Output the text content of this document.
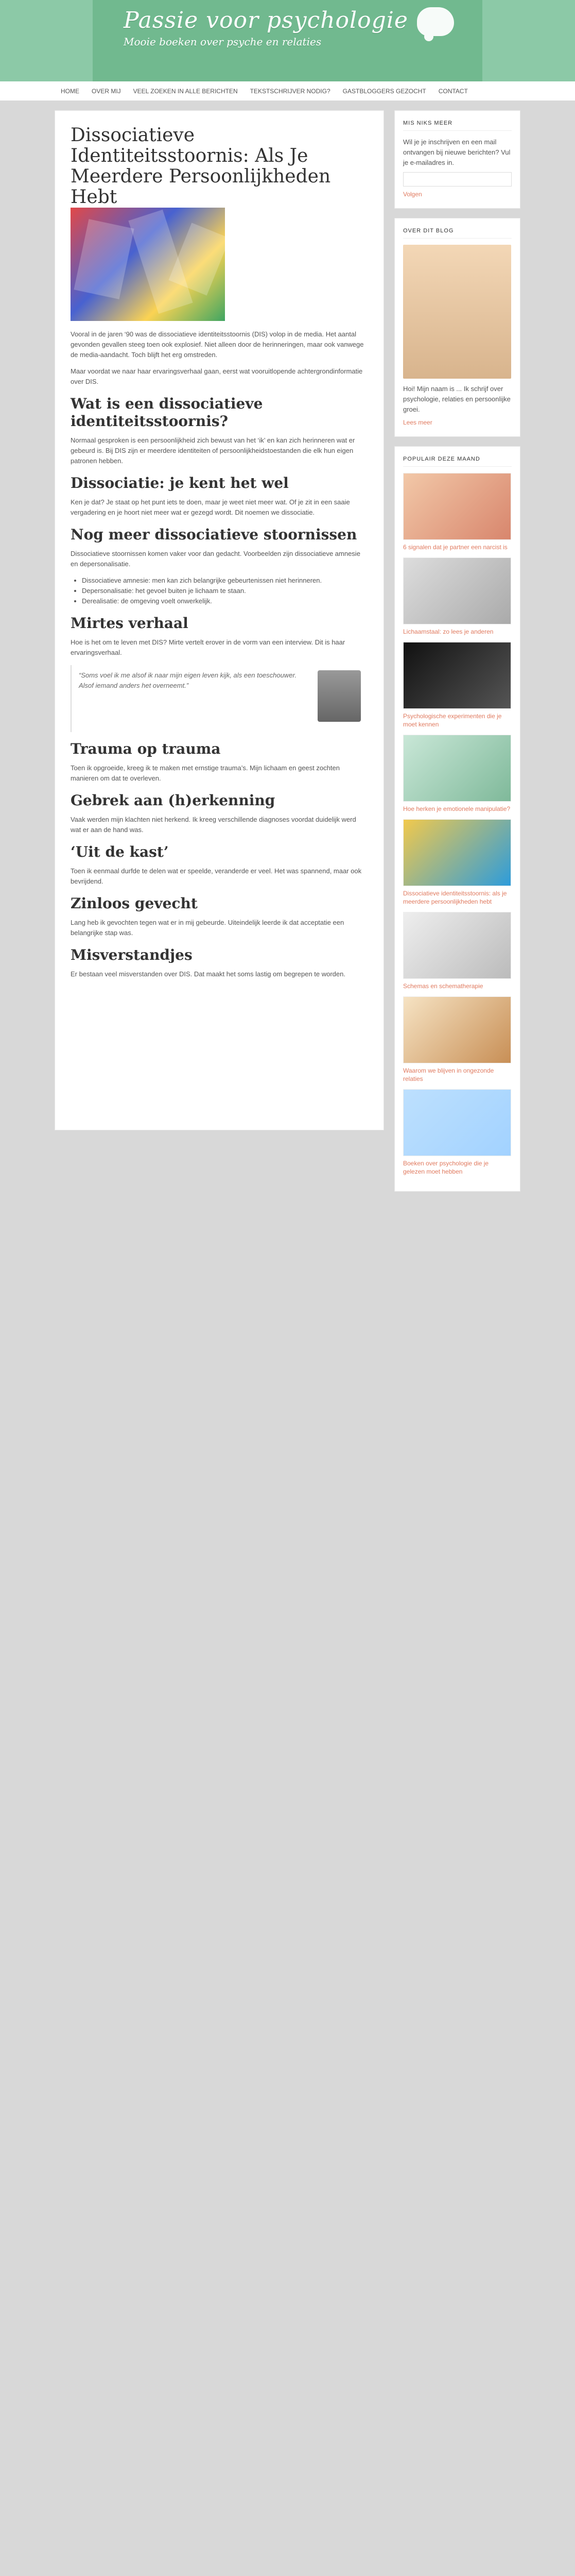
Passie voor psychologie
Mooie boeken over psyche en relaties
HOME	OVER MIJ	VEEL ZOEKEN IN ALLE BERICHTEN	TEKSTSCHRIJVER NODIG?	GASTBLOGGERS GEZOCHT	CONTACT
Dissociatieve Identiteitsstoornis: Als Je Meerdere Persoonlijkheden Hebt

Vooral in de jaren ‘90 was de dissociatieve identiteitsstoornis (DIS) volop in de media. Het aantal gevonden gevallen steeg toen ook explosief. Niet alleen door de herinneringen, maar ook vanwege de media-aandacht. Toch blijft het erg omstreden.

Maar voordat we naar haar ervaringsverhaal gaan, eerst wat vooruitlopende achtergrondinformatie over DIS.

Wat is een dissociatieve identiteitsstoornis?

Normaal gesproken is een persoonlijkheid zich bewust van het ‘ik’ en kan zich herinneren wat er gebeurd is. Bij DIS zijn er meerdere identiteiten of persoonlijkheidstoestanden die elk hun eigen patronen hebben.

Dissociatie: je kent het wel

Ken je dat? Je staat op het punt iets te doen, maar je weet niet meer wat. Of je zit in een saaie vergadering en je hoort niet meer wat er gezegd wordt. Dit noemen we dissociatie.

Nog meer dissociatieve stoornissen

Dissociatieve stoornissen komen vaker voor dan gedacht. Voorbeelden zijn dissociatieve amnesie en depersonalisatie.

• Dissociatieve amnesie: men kan zich belangrijke gebeurtenissen niet herinneren.
• Depersonalisatie: het gevoel buiten je lichaam te staan.
• Derealisatie: de omgeving voelt onwerkelijk.
Mirtes verhaal

Hoe is het om te leven met DIS? Mirte vertelt erover in de vorm van een interview. Dit is haar ervaringsverhaal.

“Soms voel ik me alsof ik naar mijn eigen leven kijk, als een toeschouwer. Alsof iemand anders het overneemt.”
Trauma op trauma

Toen ik opgroeide, kreeg ik te maken met ernstige trauma’s. Mijn lichaam en geest zochten manieren om dat te overleven.

Gebrek aan (h)erkenning

Vaak werden mijn klachten niet herkend. Ik kreeg verschillende diagnoses voordat duidelijk werd wat er aan de hand was.

‘Uit de kast’

Toen ik eenmaal durfde te delen wat er speelde, veranderde er veel. Het was spannend, maar ook bevrijdend.

Zinloos gevecht

Lang heb ik gevochten tegen wat er in mij gebeurde. Uiteindelijk leerde ik dat acceptatie een belangrijke stap was.

Misverstandjes

Er bestaan veel misverstanden over DIS. Dat maakt het soms lastig om begrepen te worden.

MIS NIKS MEER
Wil je je inschrijven en een mail ontvangen bij nieuwe berichten? Vul je e-mailadres in.
Volgen
OVER DIT BLOG
Hoi! Mijn naam is ... Ik schrijf over psychologie, relaties en persoonlijke groei.
Lees meer
POPULAIR DEZE MAAND
6 signalen dat je partner een narcist is
Lichaamstaal: zo lees je anderen
Psychologische experimenten die je moet kennen
Hoe herken je emotionele manipulatie?
Dissociatieve identiteitsstoornis: als je meerdere persoonlijkheden hebt
Schemas en schematherapie
Waarom we blijven in ongezonde relaties
Boeken over psychologie die je gelezen moet hebben
